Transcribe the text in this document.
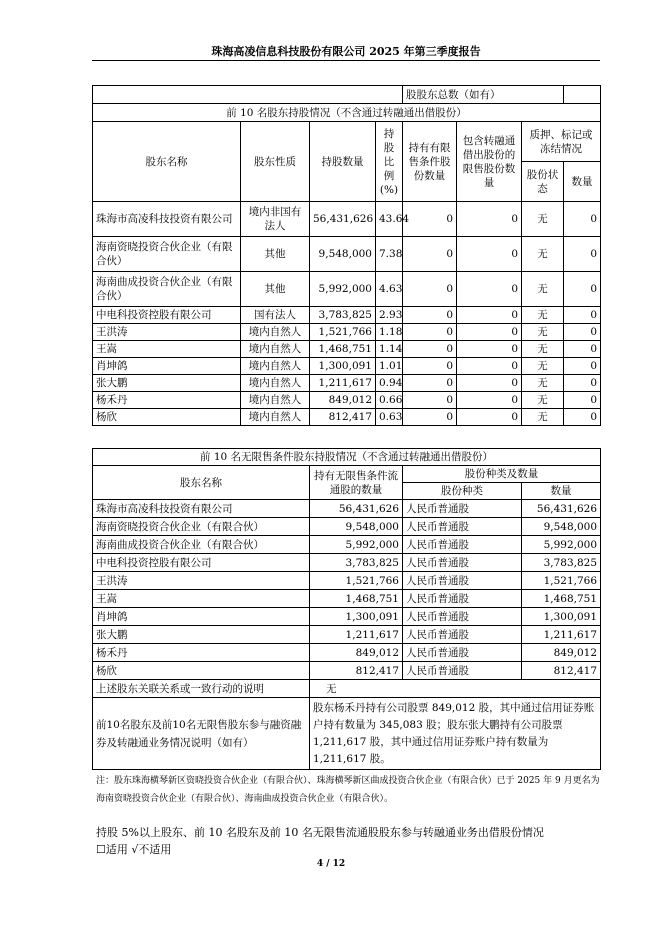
珠海高凌信息科技股份有限公司 2025 年第三季度报告
				股股东总数（如有）			
前 10 名股东持股情况（不含通过转融通出借股份）							
股东名称	股东性质	持股数量	持股比例(%)	持有有限售条件股份数量	包含转融通借出股份的限售股份数量	质押、标记或冻结情况	
						股份状态	数量
珠海市高凌科技投资有限公司	境内非国有法人	56,431,626	43.64	0	0	无	0
海南资晓投资合伙企业（有限合伙）	其他	9,548,000	7.38	0	0	无	0
海南曲成投资合伙企业（有限合伙）	其他	5,992,000	4.63	0	0	无	0
中电科投资控股有限公司	国有法人	3,783,825	2.93	0	0	无	0
王洪涛	境内自然人	1,521,766	1.18	0	0	无	0
王嵩	境内自然人	1,468,751	1.14	0	0	无	0
肖坤鸽	境内自然人	1,300,091	1.01	0	0	无	0
张大鹏	境内自然人	1,211,617	0.94	0	0	无	0
杨禾丹	境内自然人	849,012	0.66	0	0	无	0
杨欣	境内自然人	812,417	0.63	0	0	无	0
前 10 名无限售条件股东持股情况（不含通过转融通出借股份）			
股东名称	持有无限售条件流通股的数量	股份种类及数量	
		股份种类	数量
珠海市高凌科技投资有限公司	56,431,626	人民币普通股	56,431,626
海南资晓投资合伙企业（有限合伙）	9,548,000	人民币普通股	9,548,000
海南曲成投资合伙企业（有限合伙）	5,992,000	人民币普通股	5,992,000
中电科投资控股有限公司	3,783,825	人民币普通股	3,783,825
王洪涛	1,521,766	人民币普通股	1,521,766
王嵩	1,468,751	人民币普通股	1,468,751
肖坤鸽	1,300,091	人民币普通股	1,300,091
张大鹏	1,211,617	人民币普通股	1,211,617
杨禾丹	849,012	人民币普通股	849,012
杨欣	812,417	人民币普通股	812,417
上述股东关联关系或一致行动的说明	无		
前10名股东及前10名无限售股东参与融资融券及转融通业务情况说明（如有）	股东杨禾丹持有公司股票 849,012 股，其中通过信用证券账户持有数量为 345,083 股；股东张大鹏持有公司股票 1,211,617 股，其中通过信用证券账户持有数量为 1,211,617 股。		
注：股东珠海横琴新区资晓投资合伙企业（有限合伙）、珠海横琴新区曲成投资合伙企业（有限合伙）已于 2025 年 9 月更名为海南资晓投资合伙企业（有限合伙）、海南曲成投资合伙企业（有限合伙）。
持股 5%以上股东、前 10 名股东及前 10 名无限售流通股股东参与转融通业务出借股份情况
☐适用 √不适用
4 / 12
